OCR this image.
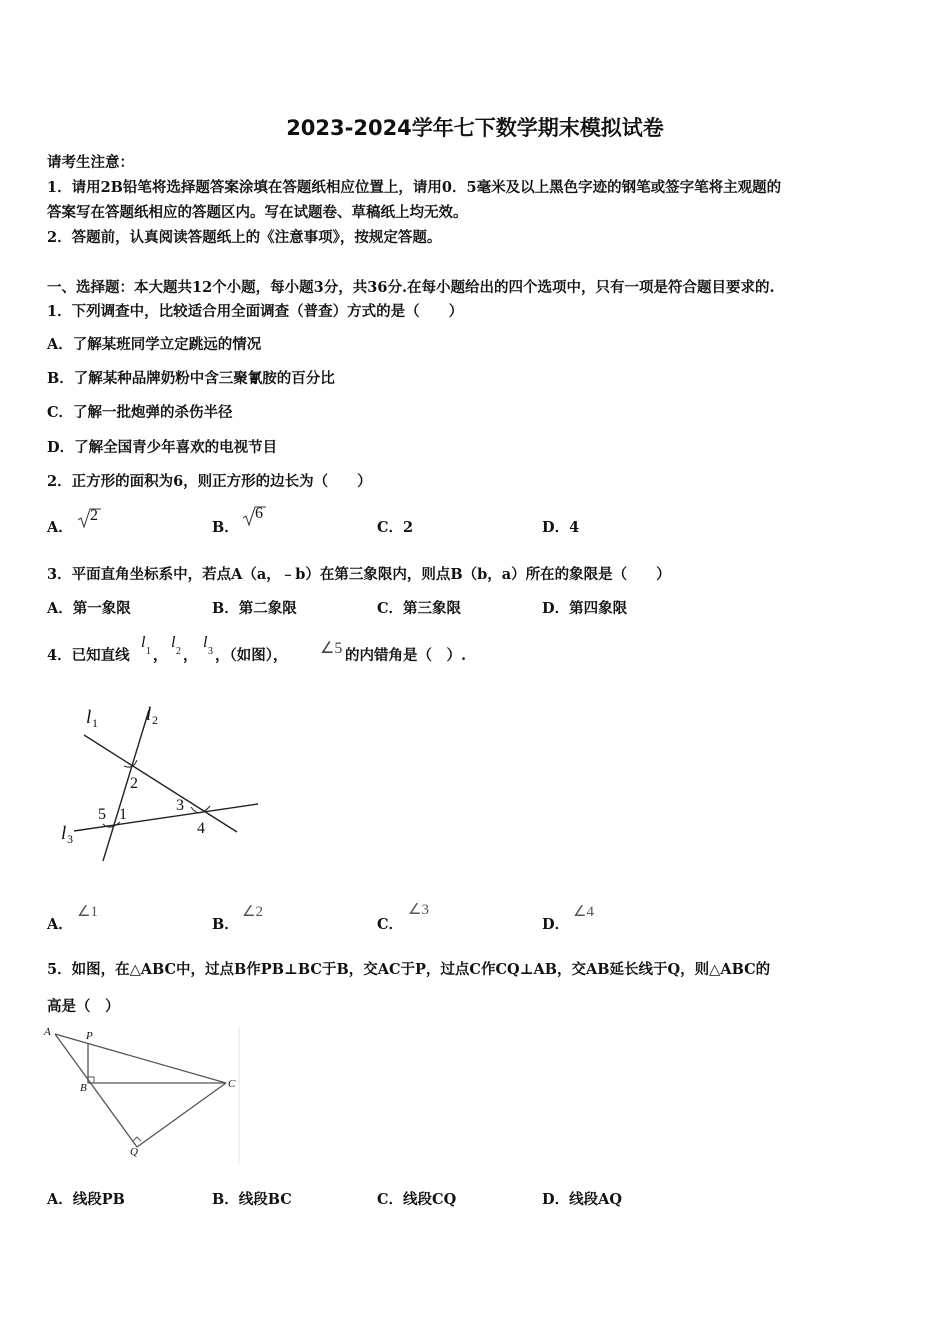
2023-2024学年七下数学期末模拟试卷
请考生注意：
1．请用2B铅笔将选择题答案涂填在答题纸相应位置上，请用0．5毫米及以上黑色字迹的钢笔或签字笔将主观题的
答案写在答题纸相应的答题区内。写在试题卷、草稿纸上均无效。
2．答题前，认真阅读答题纸上的《注意事项》，按规定答题。
一、选择题：本大题共12个小题，每小题3分，共36分.在每小题给出的四个选项中，只有一项是符合题目要求的.
1．下列调查中，比较适合用全面调查（普查）方式的是（　　）
A．了解某班同学立定跳远的情况
B．了解某种品牌奶粉中含三聚氰胺的百分比
C．了解一批炮弹的杀伤半径
D．了解全国青少年喜欢的电视节目
2．正方形的面积为6，则正方形的边长为（　　）
A．
2
B．
6
C．2	D．4
3．平面直角坐标系中，若点A（a，﹣b）在第三象限内，则点B（b，a）所在的象限是（　　）
A．第一象限	B．第二象限	C．第三象限	D．第四象限
4．已知直线
l
1 ，
l
2 ，
l
3 ，（如图）， ∠5 的内错角是（　）.
l 1	l 2
l 3
2
3
4
5 1
A．
∠1
B．
∠2
C．
∠3
D．
∠4
5．如图，在△ABC中，过点B作PB⊥BC于B，交AC于P，过点C作CQ⊥AB，交AB延长线于Q，则△ABC的
高是（　）
A	P
B	C
Q
A．线段PB	B．线段BC	C．线段CQ	D．线段AQ
